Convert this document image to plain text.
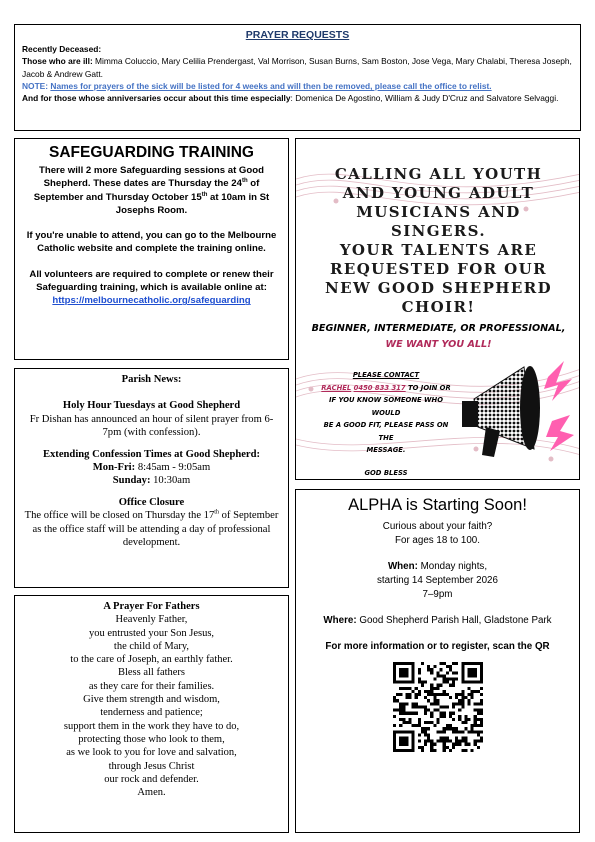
PRAYER REQUESTS
Recently Deceased:
Those who are ill: Mimma Coluccio, Mary Celilia Prendergast, Val Morrison, Susan Burns, Sam Boston, Jose Vega, Mary Chalabi, Theresa Joseph, Jacob & Andrew Gatt.
NOTE: Names for prayers of the sick will be listed for 4 weeks and will then be removed, please call the office to relist.
And for those whose anniversaries occur about this time especially: Domenica De Agostino, William & Judy D'Cruz and Salvatore Selvaggi.
SAFEGUARDING TRAINING

There will 2 more Safeguarding sessions at Good Shepherd. These dates are Thursday the 24th of September and Thursday October 15th at 10am in St Josephs Room.

If you're unable to attend, you can go to the Melbourne Catholic website and complete the training online.

All volunteers are required to complete or renew their Safeguarding training, which is available online at:

https://melbournecatholic.org/safeguarding
CALLING ALL YOUTH
AND YOUNG ADULT
MUSICIANS AND
SINGERS.
YOUR TALENTS ARE
REQUESTED FOR OUR
NEW GOOD SHEPHERD
CHOIR!
BEGINNER, INTERMEDIATE, OR PROFESSIONAL,
WE WANT YOU ALL!
PLEASE CONTACT
RACHEL 0450 833 317 TO JOIN OR
IF YOU KNOW SOMEONE WHO WOULD
BE A GOOD FIT, PLEASE PASS ON THE
MESSAGE.
GOD BLESS

Parish News:

Holy Hour Tuesdays at Good Shepherd

Fr Dishan has announced an hour of silent prayer from 6-7pm (with confession).

Extending Confession Times at Good Shepherd:
Mon-Fri: 8:45am - 9:05am

Sunday: 10:30am

Office Closure
The office will be closed on Thursday the 17th of September as the office staff will be attending a day of professional development.
A Prayer For Fathers
Heavenly Father,
you entrusted your Son Jesus,
the child of Mary,
to the care of Joseph, an earthly father.
Bless all fathers
as they care for their families.
Give them strength and wisdom,
tenderness and patience;
support them in the work they have to do,
protecting those who look to them,
as we look to you for love and salvation,
through Jesus Christ
our rock and defender.
Amen.
ALPHA is Starting Soon!
Curious about your faith?

For ages 18 to 100.

When: Monday nights,
starting 14 September 2026

7–9pm

Where: Good Shepherd Parish Hall, Gladstone Park

For more information or to register, scan the QR
